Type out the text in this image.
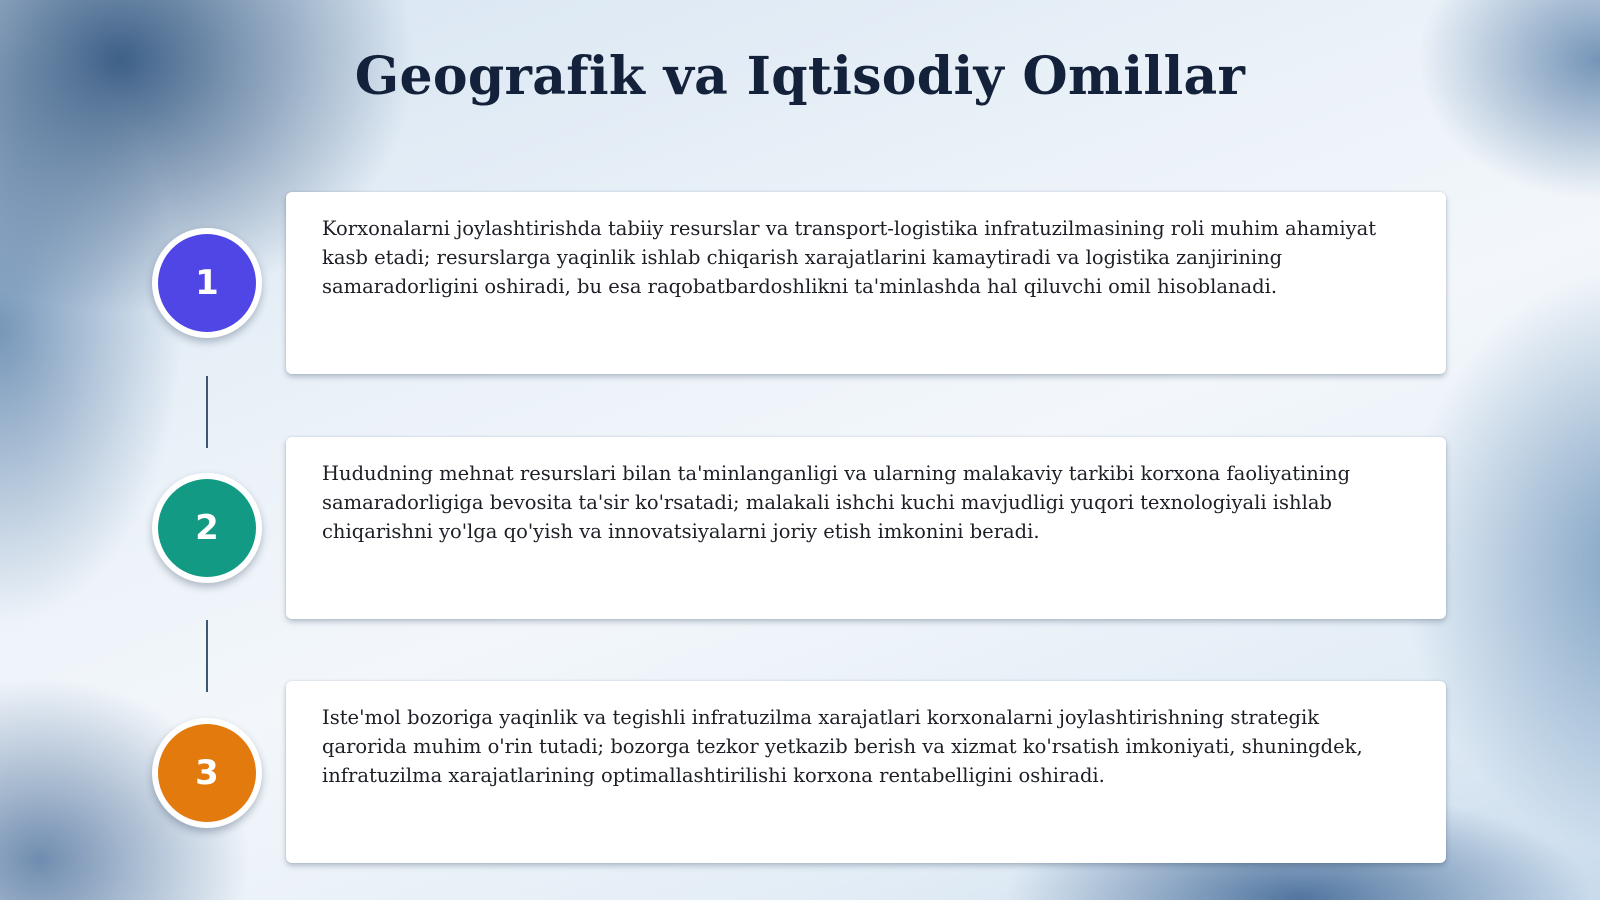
Geografik va Iqtisodiy Omillar
1

Korxonalarni joylashtirishda tabiiy resurslar va transport-logistika infratuzilmasining roli muhim ahamiyat kasb etadi; resurslarga yaqinlik ishlab chiqarish xarajatlarini kamaytiradi va logistika zanjirining samaradorligini oshiradi, bu esa raqobatbardoshlikni ta'minlashda hal qiluvchi omil hisoblanadi.

2

Hududning mehnat resurslari bilan ta'minlanganligi va ularning malakaviy tarkibi korxona faoliyatining samaradorligiga bevosita ta'sir ko'rsatadi; malakali ishchi kuchi mavjudligi yuqori texnologiyali ishlab chiqarishni yo'lga qo'yish va innovatsiyalarni joriy etish imkonini beradi.

3

Iste'mol bozoriga yaqinlik va tegishli infratuzilma xarajatlari korxonalarni joylashtirishning strategik qarorida muhim o'rin tutadi; bozorga tezkor yetkazib berish va xizmat ko'rsatish imkoniyati, shuningdek, infratuzilma xarajatlarining optimallashtirilishi korxona rentabelligini oshiradi.
